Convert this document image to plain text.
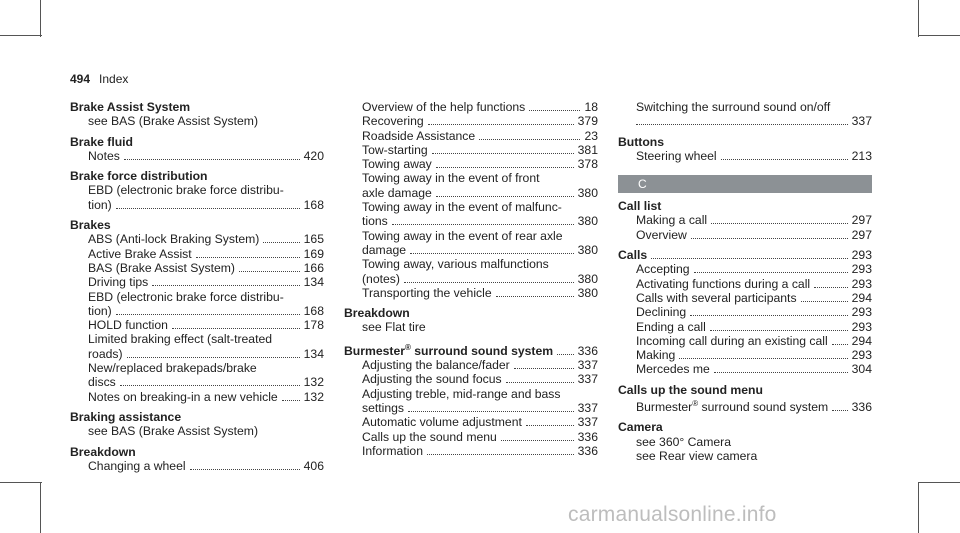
494 Index
Brake Assist System
see BAS (Brake Assist System)
Brake fluid
Notes	420
Brake force distribution
EBD (electronic brake force distribu-
tion)	168
Brakes
ABS (Anti-lock Braking System)	165
Active Brake Assist	169
BAS (Brake Assist System)	166
Driving tips	134
EBD (electronic brake force distribu-
tion)	168
HOLD function	178
Limited braking effect (salt-treated
roads)	134
New/replaced brakepads/brake
discs	132
Notes on breaking-in a new vehicle 132
Braking assistance
see BAS (Brake Assist System)
Breakdown
Changing a wheel	406
Overview of the help functions	18
Recovering	379
Roadside Assistance	23
Tow-starting	381
Towing away	378
Towing away in the event of front
axle damage	380
Towing away in the event of malfunc-
tions	380
Towing away in the event of rear axle
damage	380
Towing away, various malfunctions
(notes)	380
Transporting the vehicle	380
Breakdown
see Flat tire
Burmester® surround sound system 336
Adjusting the balance/fader	337
Adjusting the sound focus	337
Adjusting treble, mid-range and bass
settings	337
Automatic volume adjustment	337
Calls up the sound menu	336
Information	336
Switching the surround sound on/off
337
Buttons
Steering wheel	213
C
Call list
Making a call	297
Overview	297
Calls	293
Accepting	293
Activating functions during a call	293
Calls with several participants	294
Declining	293
Ending a call	293
Incoming call during an existing call 294
Making	293
Mercedes me	304
Calls up the sound menu
Burmester® surround sound system 336
Camera
see 360° Camera
see Rear view camera
carmanualsonline.info
